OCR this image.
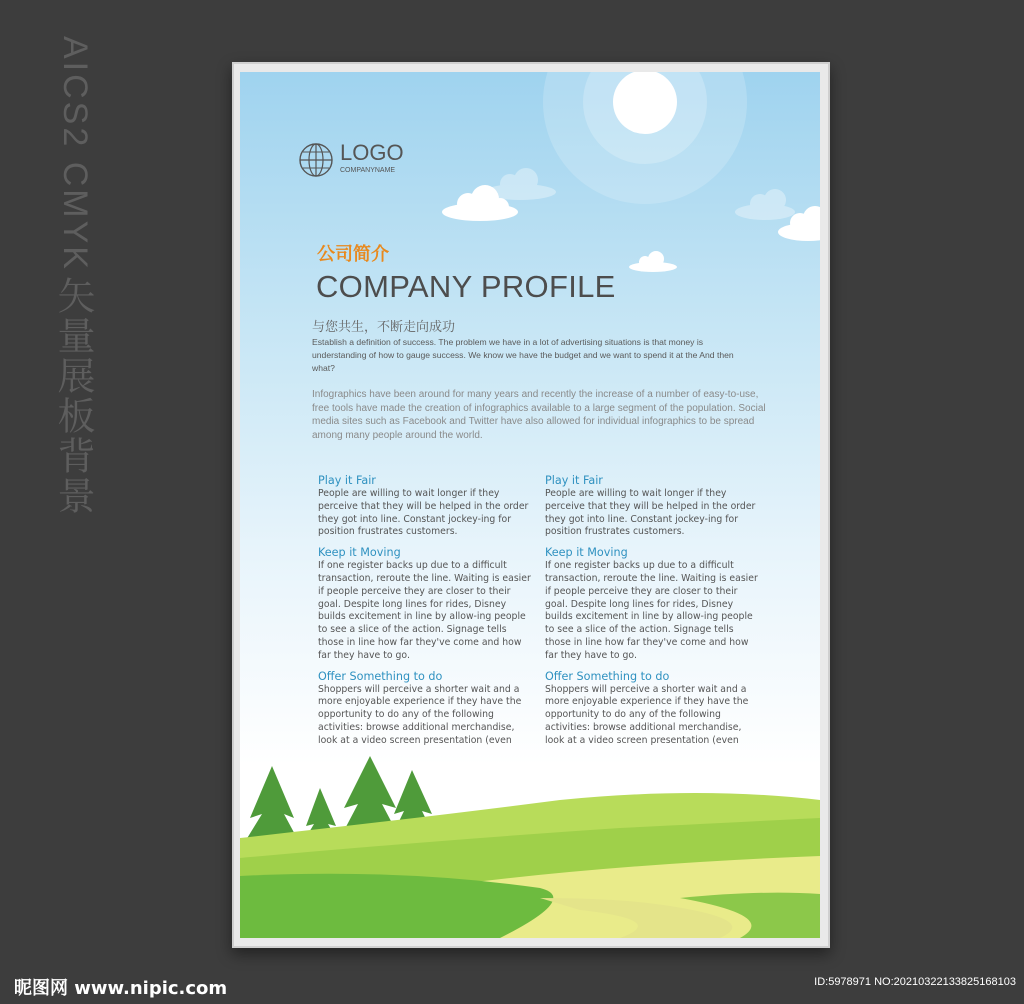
矢量展板背景
AICS2 CMYK	LOGO
COMPANYNAME
公司简介
COMPANY PROFILE
与您共生，不断走向成功
Establish a definition of success. The problem we have in a lot of advertising situations is that money is understanding of how to gauge success. We know we have the budget and we want to spend it at the And then what?
Infographics have been around for many years and recently the increase of a number of easy-to-use, free tools have made the creation of infographics available to a large segment of the population. Social media sites such as Facebook and Twitter have also allowed for individual infographics to be spread among many people around the world.
Play it Fair
People are willing to wait longer if they perceive that they will be helped in the order they got into line. Constant jockey-ing for position frustrates customers.
Keep it Moving
If one register backs up due to a difficult transaction, reroute the line. Waiting is easier if people perceive they are closer to their goal. Despite long lines for rides, Disney builds excitement in line by allow-ing people to see a slice of the action. Signage tells those in line how far they've come and how far they have to go.
Offer Something to do
Shoppers will perceive a shorter wait and a more enjoyable experience if they have the opportunity to do any of the following activities: browse additional merchandise, look at a video screen presentation (even
Play it Fair
People are willing to wait longer if they perceive that they will be helped in the order they got into line. Constant jockey-ing for position frustrates customers.
Keep it Moving
If one register backs up due to a difficult transaction, reroute the line. Waiting is easier if people perceive they are closer to their goal. Despite long lines for rides, Disney builds excitement in line by allow-ing people to see a slice of the action. Signage tells those in line how far they've come and how far they have to go.
Offer Something to do
Shoppers will perceive a shorter wait and a more enjoyable experience if they have the opportunity to do any of the following activities: browse additional merchandise, look at a video screen presentation (even
昵图网 www.nipic.com	ID:5978971 NO:20210322133825168103
